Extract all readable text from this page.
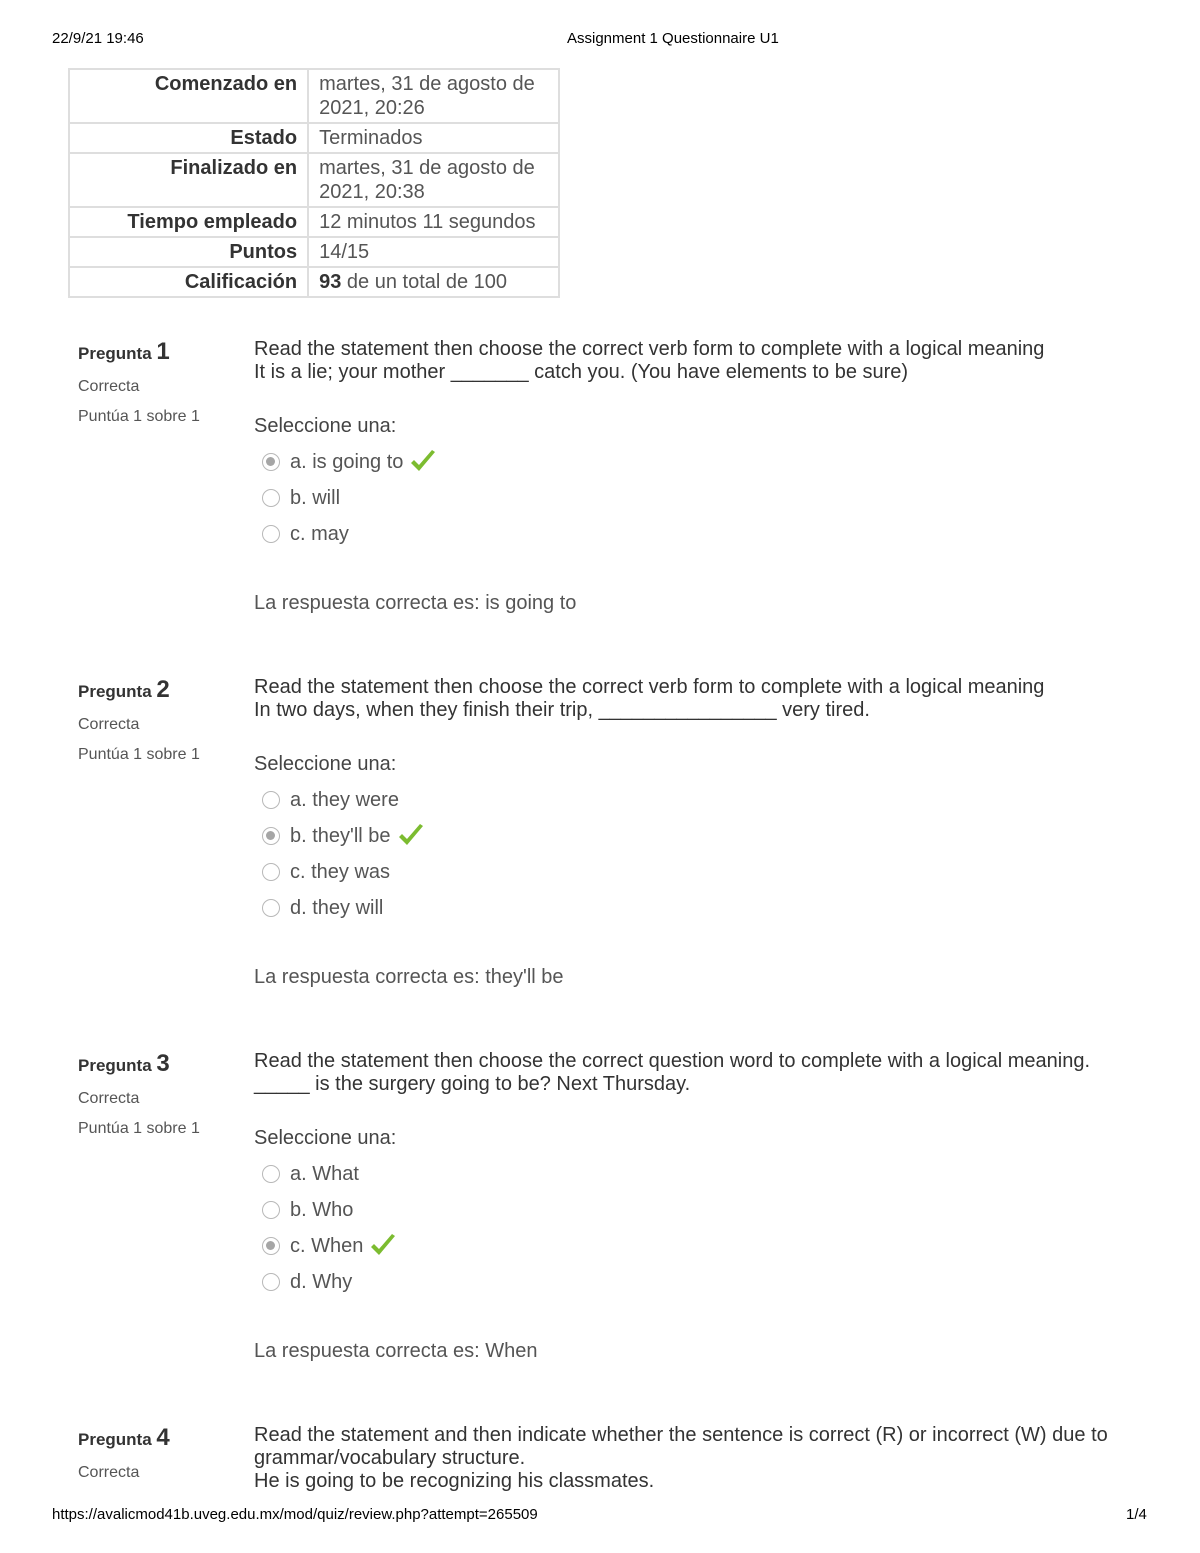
22/9/21 19:46	Assignment 1 Questionnaire U1
Comenzado en	martes, 31 de agosto de 2021, 20:26
Estado	Terminados
Finalizado en	martes, 31 de agosto de 2021, 20:38
Tiempo empleado	12 minutos 11 segundos
Puntos	14/15
Calificación	93 de un total de 100
Pregunta 1
Correcta
Puntúa 1 sobre 1
Read the statement then choose the correct verb form to complete with a logical meaning
It is a lie; your mother _______ catch you. (You have elements to be sure)
Seleccione una:
a. is going to
b. will
c. may
La respuesta correcta es: is going to
Pregunta 2
Correcta
Puntúa 1 sobre 1
Read the statement then choose the correct verb form to complete with a logical meaning
In two days, when they finish their trip, ________________ very tired.
Seleccione una:
a. they were
b. they'll be
c. they was
d. they will
La respuesta correcta es: they'll be
Pregunta 3
Correcta
Puntúa 1 sobre 1
Read the statement then choose the correct question word to complete with a logical meaning.
_____ is the surgery going to be? Next Thursday.
Seleccione una:
a. What
b. Who
c. When
d. Why
La respuesta correcta es: When
Pregunta 4
Correcta
Read the statement and then indicate whether the sentence is correct (R) or incorrect (W) due to grammar/vocabulary structure.
He is going to be recognizing his classmates.
https://avalicmod41b.uveg.edu.mx/mod/quiz/review.php?attempt=265509	1/4
